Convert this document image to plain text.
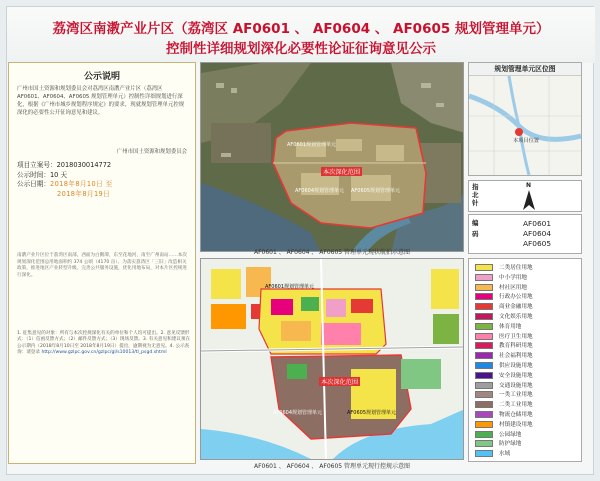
荔湾区南漖产业片区（荔湾区 AF0601 、 AF0604 、 AF0605 规划管理单元）
控制性详细规划深化必要性论证征询意见公示
公示说明
广州市国土资源和规划委员会对荔湾区南漖产业片区（荔湾区 AF0601、AF0604、AF0605 规划管理单元）控制性详细规划进行深化，根据《广州市城乡规划程序规定》的要求，现就规划管理单元控规深化的必要性公开征询意见和建议。
广州市国土资源和规划委员会
项目立案号：2018030014772
公示时间：10 天
公示日期：2018年8月10日 至
2018年8月19日
南漖产业片区位于荔湾区南部，西面为白鹅潭，东至花地河，南至广州南站……本次规划深化范围总用地面积约 374 公顷（4170 亩）。为落实荔湾区「三旧」改造相关政策，推进地区产业转型升级，完善公共服务设施，优化用地布局，对本片区控规进行深化。
1. 征集意见的对象：所有与本次控规深化有关的单位和个人均可提出。2. 意见反馈形式：（1）信函反馈方式；（2）邮件反馈方式；（3）现场反馈。3. 有关意见和建议须在公示期内（2018年8月10日至 2018年8月19日）提出，逾期视为无意见。4. 公示查询：请登录 http://www.gzlpc.gov.cn/gzlpc/gl/s10013/tl_psgd.shtml
AF0601规划管理单元
AF0604规划管理单元 AF0605规划管理单元
本次深化范围
AF0601 、 AF0604 、 AF0605 管理单元现状航拍示意图
规划管理单元区位图
本项目位置
指北针
N
编码
AF0601
AF0604
AF0605
AF0601规划管理单元
AF0604规划管理单元	AF0605规划管理单元
本次深化范围
AF0601 、 AF0604 、 AF0605 管理单元现行控规示意图
二类居住用地
中小学用地
村社区用地
行政办公用地
商业金融用地
文化娱乐用地
体育用地
医疗卫生用地
教育科研用地
社会福利用地
供应设施用地
安全设施用地
交通设施用地
一类工业用地
二类工业用地
物流仓储用地
村镇建设用地
公园绿地
防护绿地
水域
